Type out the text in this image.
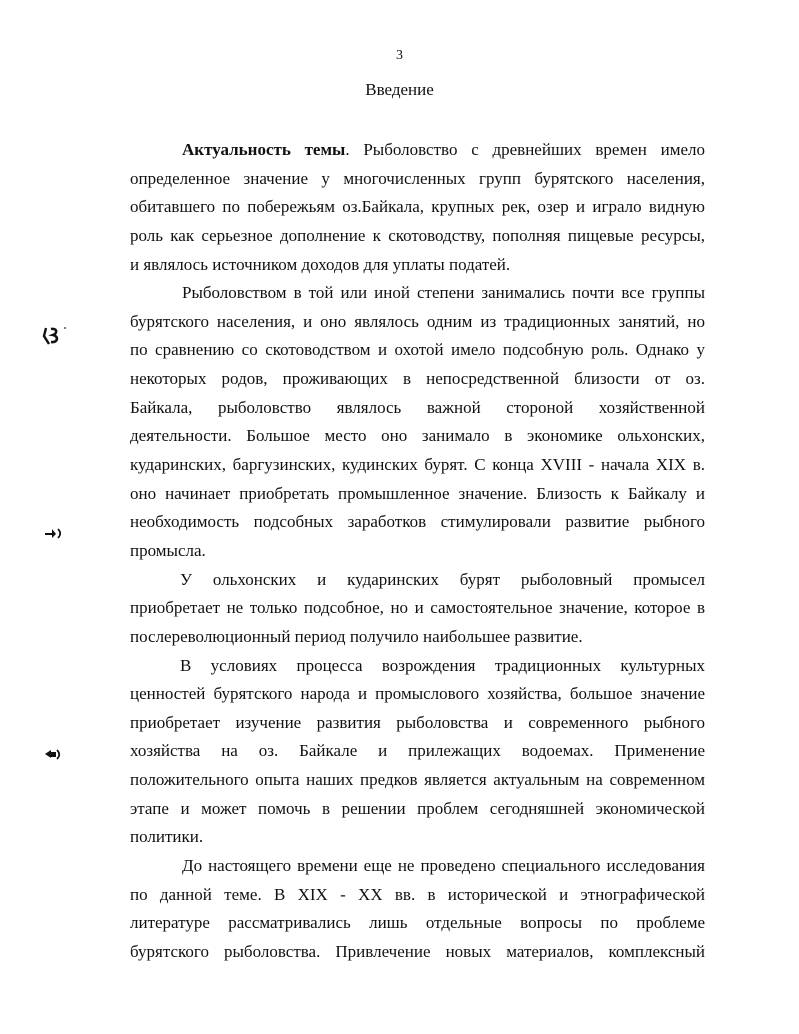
3
Введение
Актуальность темы. Рыболовство с древнейших времен имело
определенное значение у многочисленных групп бурятского населения,
обитавшего по побережьям оз.Байкала, крупных рек, озер и играло видную
роль как серьезное дополнение к скотоводству, пополняя пищевые ресурсы,
и являлось источником доходов для уплаты податей.
Рыболовством в той или иной степени занимались почти все группы
бурятского населения, и оно являлось одним из традиционных занятий, но
по сравнению со скотоводством и охотой имело подсобную роль. Однако у
некоторых родов, проживающих в непосредственной близости от оз.
Байкала, рыболовство являлось важной стороной хозяйственной
деятельности. Большое место оно занимало в экономике ольхонских,
кударинских, баргузинских, кудинских бурят. С конца XVIII - начала XIX в.
оно начинает приобретать промышленное значение. Близость к Байкалу и
необходимость подсобных заработков стимулировали развитие рыбного
промысла.
У ольхонских и кударинских бурят рыболовный промысел
приобретает не только подсобное, но и самостоятельное значение, которое в
послереволюционный период получило наибольшее развитие.
В условиях процесса возрождения традиционных культурных
ценностей бурятского народа и промыслового хозяйства, большое значение
приобретает изучение развития рыболовства и современного рыбного
хозяйства на оз. Байкале и прилежащих водоемах. Применение
положительного опыта наших предков является актуальным на современном
этапе и может помочь в решении проблем сегодняшней экономической
политики.
До настоящего времени еще не проведено специального исследования
по данной теме. В XIX - XX вв. в исторической и этнографической
литературе рассматривались лишь отдельные вопросы по проблеме
бурятского рыболовства. Привлечение новых материалов, комплексный
